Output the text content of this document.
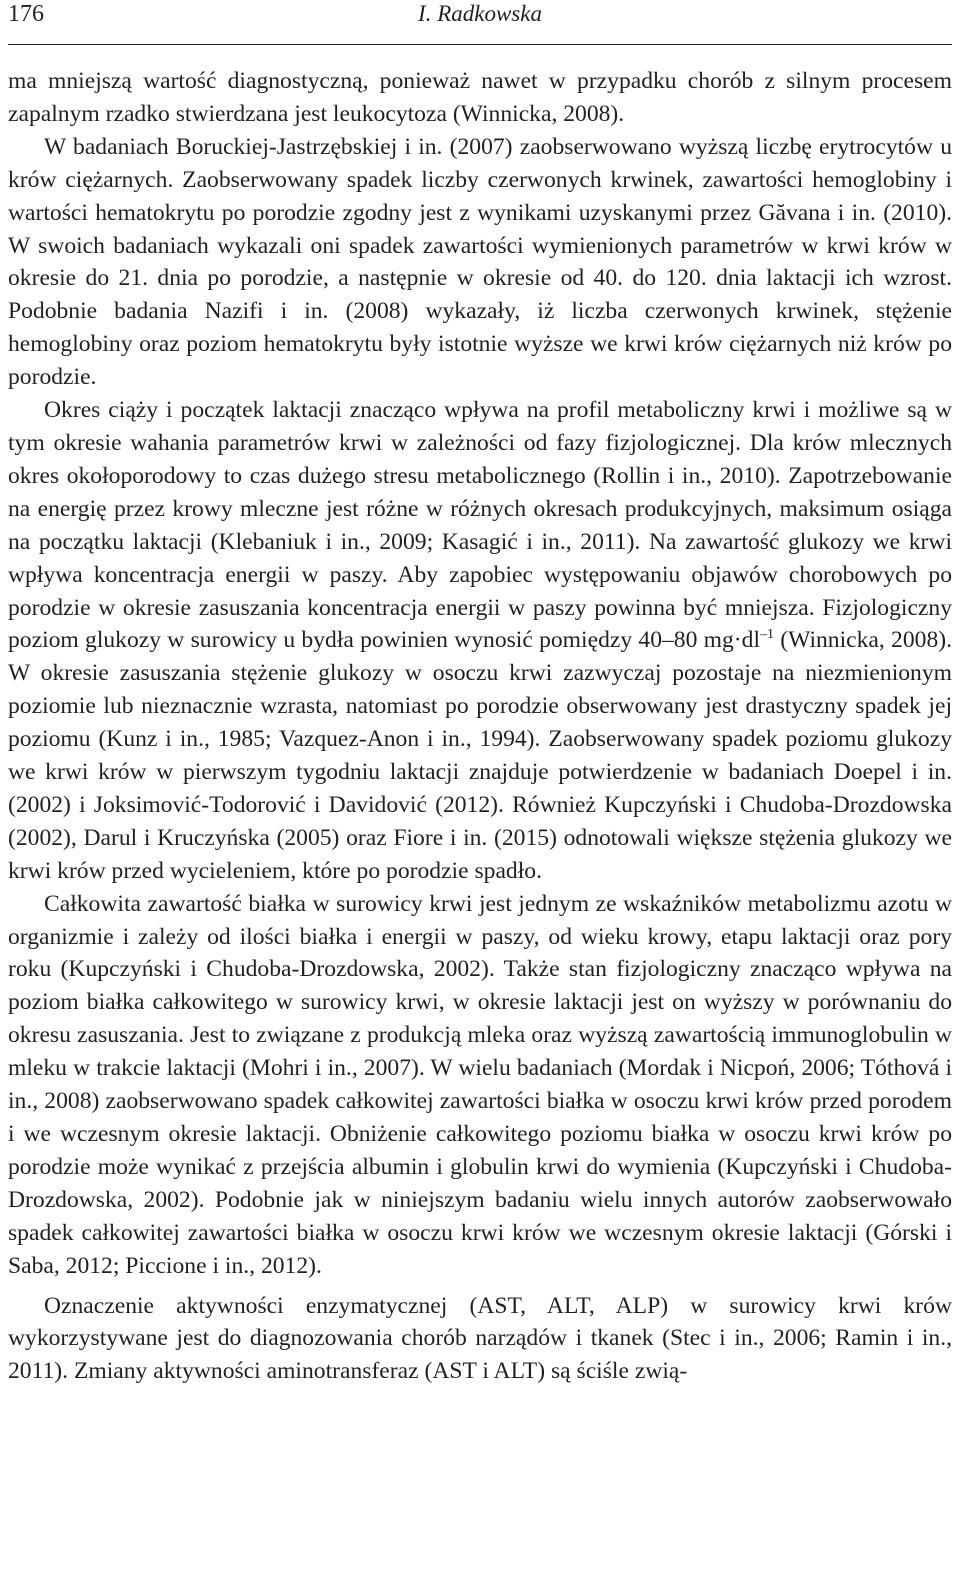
176	I. Radkowska

ma mniejszą wartość diagnostyczną, ponieważ nawet w przypadku chorób z silnym procesem zapalnym rzadko stwierdzana jest leukocytoza (Winnicka, 2008).

W badaniach Boruckiej-Jastrzębskiej i in. (2007) zaobserwowano wyższą liczbę erytrocytów u krów ciężarnych. Zaobserwowany spadek liczby czerwonych krwinek, zawartości hemoglobiny i wartości hematokrytu po porodzie zgodny jest z wynikami uzyskanymi przez Găvana i in. (2010). W swoich badaniach wykazali oni spadek zawartości wymienionych parametrów w krwi krów w okresie do 21. dnia po porodzie, a następnie w okresie od 40. do 120. dnia laktacji ich wzrost. Podobnie badania Nazifi i in. (2008) wykazały, iż liczba czerwonych krwinek, stężenie hemoglobiny oraz poziom hematokrytu były istotnie wyższe we krwi krów ciężarnych niż krów po porodzie.

Okres ciąży i początek laktacji znacząco wpływa na profil metaboliczny krwi i możliwe są w tym okresie wahania parametrów krwi w zależności od fazy fizjologicznej. Dla krów mlecznych okres okołoporodowy to czas dużego stresu metabolicznego (Rollin i in., 2010). Zapotrzebowanie na energię przez krowy mleczne jest różne w różnych okresach produkcyjnych, maksimum osiąga na początku laktacji (Klebaniuk i in., 2009; Kasagić i in., 2011). Na zawartość glukozy we krwi wpływa koncentracja energii w paszy. Aby zapobiec występowaniu objawów chorobowych po porodzie w okresie zasuszania koncentracja energii w paszy powinna być mniejsza. Fizjologiczny poziom glukozy w surowicy u bydła powinien wynosić pomiędzy 40–80 $mg\cdot dl^{-1}$ (Winnicka, 2008). W okresie zasuszania stężenie glukozy w osoczu krwi zazwyczaj pozostaje na niezmienionym poziomie lub nieznacznie wzrasta, natomiast po porodzie obserwowany jest drastyczny spadek jej poziomu (Kunz i in., 1985; Vazquez-Anon i in., 1994). Zaobserwowany spadek poziomu glukozy we krwi krów w pierwszym tygodniu laktacji znajduje potwierdzenie w badaniach Doepel i in. (2002) i Joksimović-Todorović i Davidović (2012). Również Kupczyński i Chudoba-⁠Drozdowska (2002), Darul i Kruczyńska (2005) oraz Fiore i in. (2015) odnotowali większe stężenia glukozy we krwi krów przed wycieleniem, które po porodzie spadło.

Całkowita zawartość białka w surowicy krwi jest jednym ze wskaźników metabolizmu azotu w organizmie i zależy od ilości białka i energii w paszy, od wieku krowy, etapu laktacji oraz pory roku (Kupczyński i Chudoba-Drozdowska, 2002). Także stan fizjologiczny znacząco wpływa na poziom białka całkowitego w surowicy krwi, w okresie laktacji jest on wyższy w porównaniu do okresu zasuszania. Jest to związane z produkcją mleka oraz wyższą zawartością immunoglobulin w mleku w trakcie laktacji (Mohri i in., 2007). W wielu badaniach (Mordak i Nicpoń, 2006; Tóthová i in., 2008) zaobserwowano spadek całkowitej zawartości białka w osoczu krwi krów przed porodem i we wczesnym okresie laktacji. Obniżenie całkowitego poziomu białka w osoczu krwi krów po porodzie może wynikać z przejścia albumin i globulin krwi do wymienia (Kupczyński i Chudoba-Drozdowska, 2002). Podobnie jak w niniejszym badaniu wielu innych autorów zaobserwowało spadek całkowitej zawartości białka w osoczu krwi krów we wczesnym okresie laktacji (Górski i Saba, 2012; Piccione i in., 2012).

Oznaczenie aktywności enzymatycznej (AST, ALT, ALP) w surowicy krwi krów wykorzystywane jest do diagnozowania chorób narządów i tkanek (Stec i in., 2006; Ramin i in., 2011). Zmiany aktywności aminotransferaz (AST i ALT) są ściśle zwią-
